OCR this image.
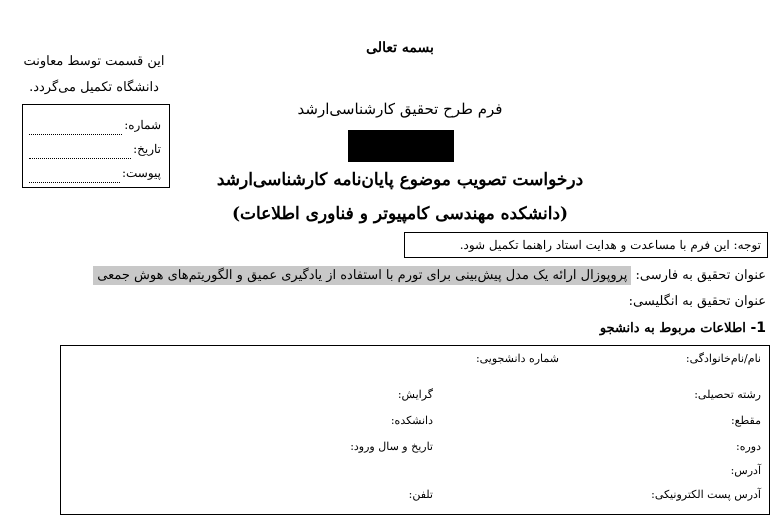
بسمه تعالی
این قسمت توسط معاونت
دانشگاه تکمیل می‌گردد.
شماره:
تاریخ:
پیوست:
فرم طرح تحقیق کارشناسی‌ارشد
درخواست تصویب موضوع پایان‌نامه کارشناسی‌ارشد
(دانشکده مهندسی کامپیوتر و فناوری اطلاعات)
توجه: این فرم با مساعدت و هدایت استاد راهنما تکمیل شود.
عنوان تحقیق به فارسی: پروپوزال ارائه یک مدل پیش‌بینی برای تورم با استفاده از یادگیری عمیق و الگوریتم‌های هوش جمعی
عنوان تحقیق به انگلیسی:
1- اطلاعات مربوط به دانشجو
نام/نام‌خانوادگی:
شماره دانشجویی:
رشته تحصیلی:
گرایش:
مقطع:
دانشکده:
دوره:
تاریخ و سال ورود:
آدرس:
آدرس پست الکترونیکی:
تلفن:
